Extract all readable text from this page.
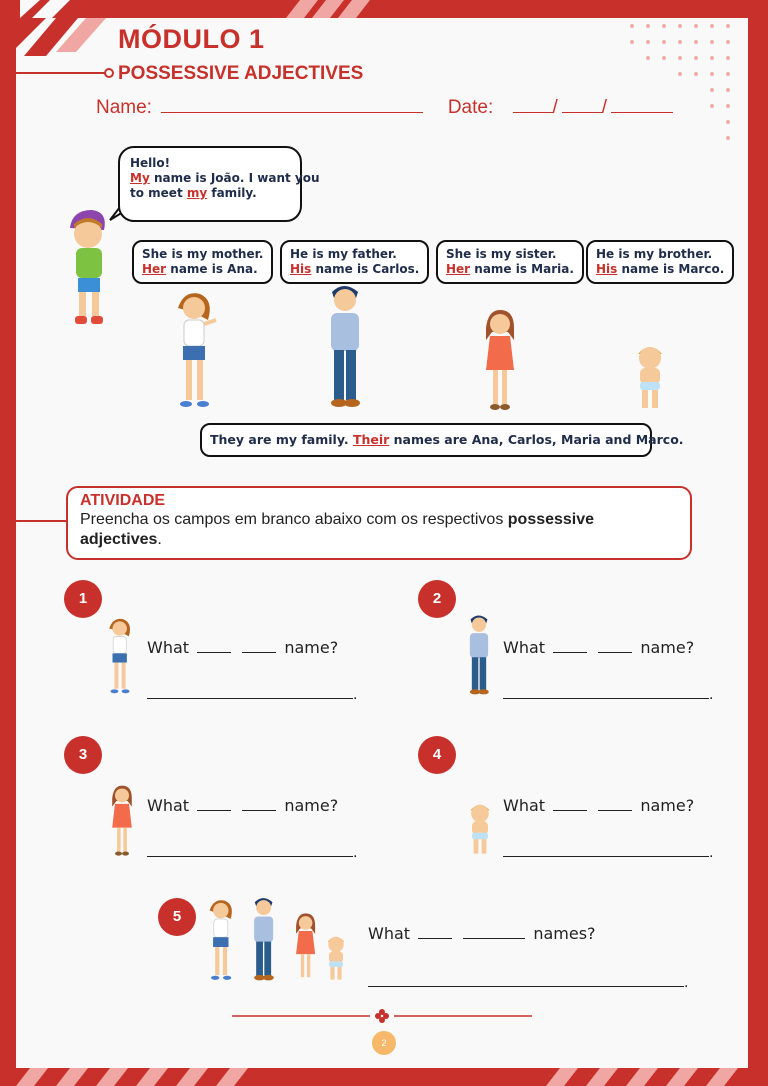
MÓDULO 1
POSSESSIVE ADJECTIVES
Name:	Date:	/ /
Hello!
My name is João. I want you
to meet my family.
She is my mother.
Her name is Ana.
He is my father.
His name is Carlos.
She is my sister.
Her name is Maria.
He is my brother.
His name is Marco.
They are my family. Their names are Ana, Carlos, Maria and Marco.
ATIVIDADE
Preencha os campos em branco abaixo com os respectivos possessive adjectives.
1
What	name?
.
2
What	name?
.
3
What	name?
.
4
What	name?
.
5
What	names?
.
2
